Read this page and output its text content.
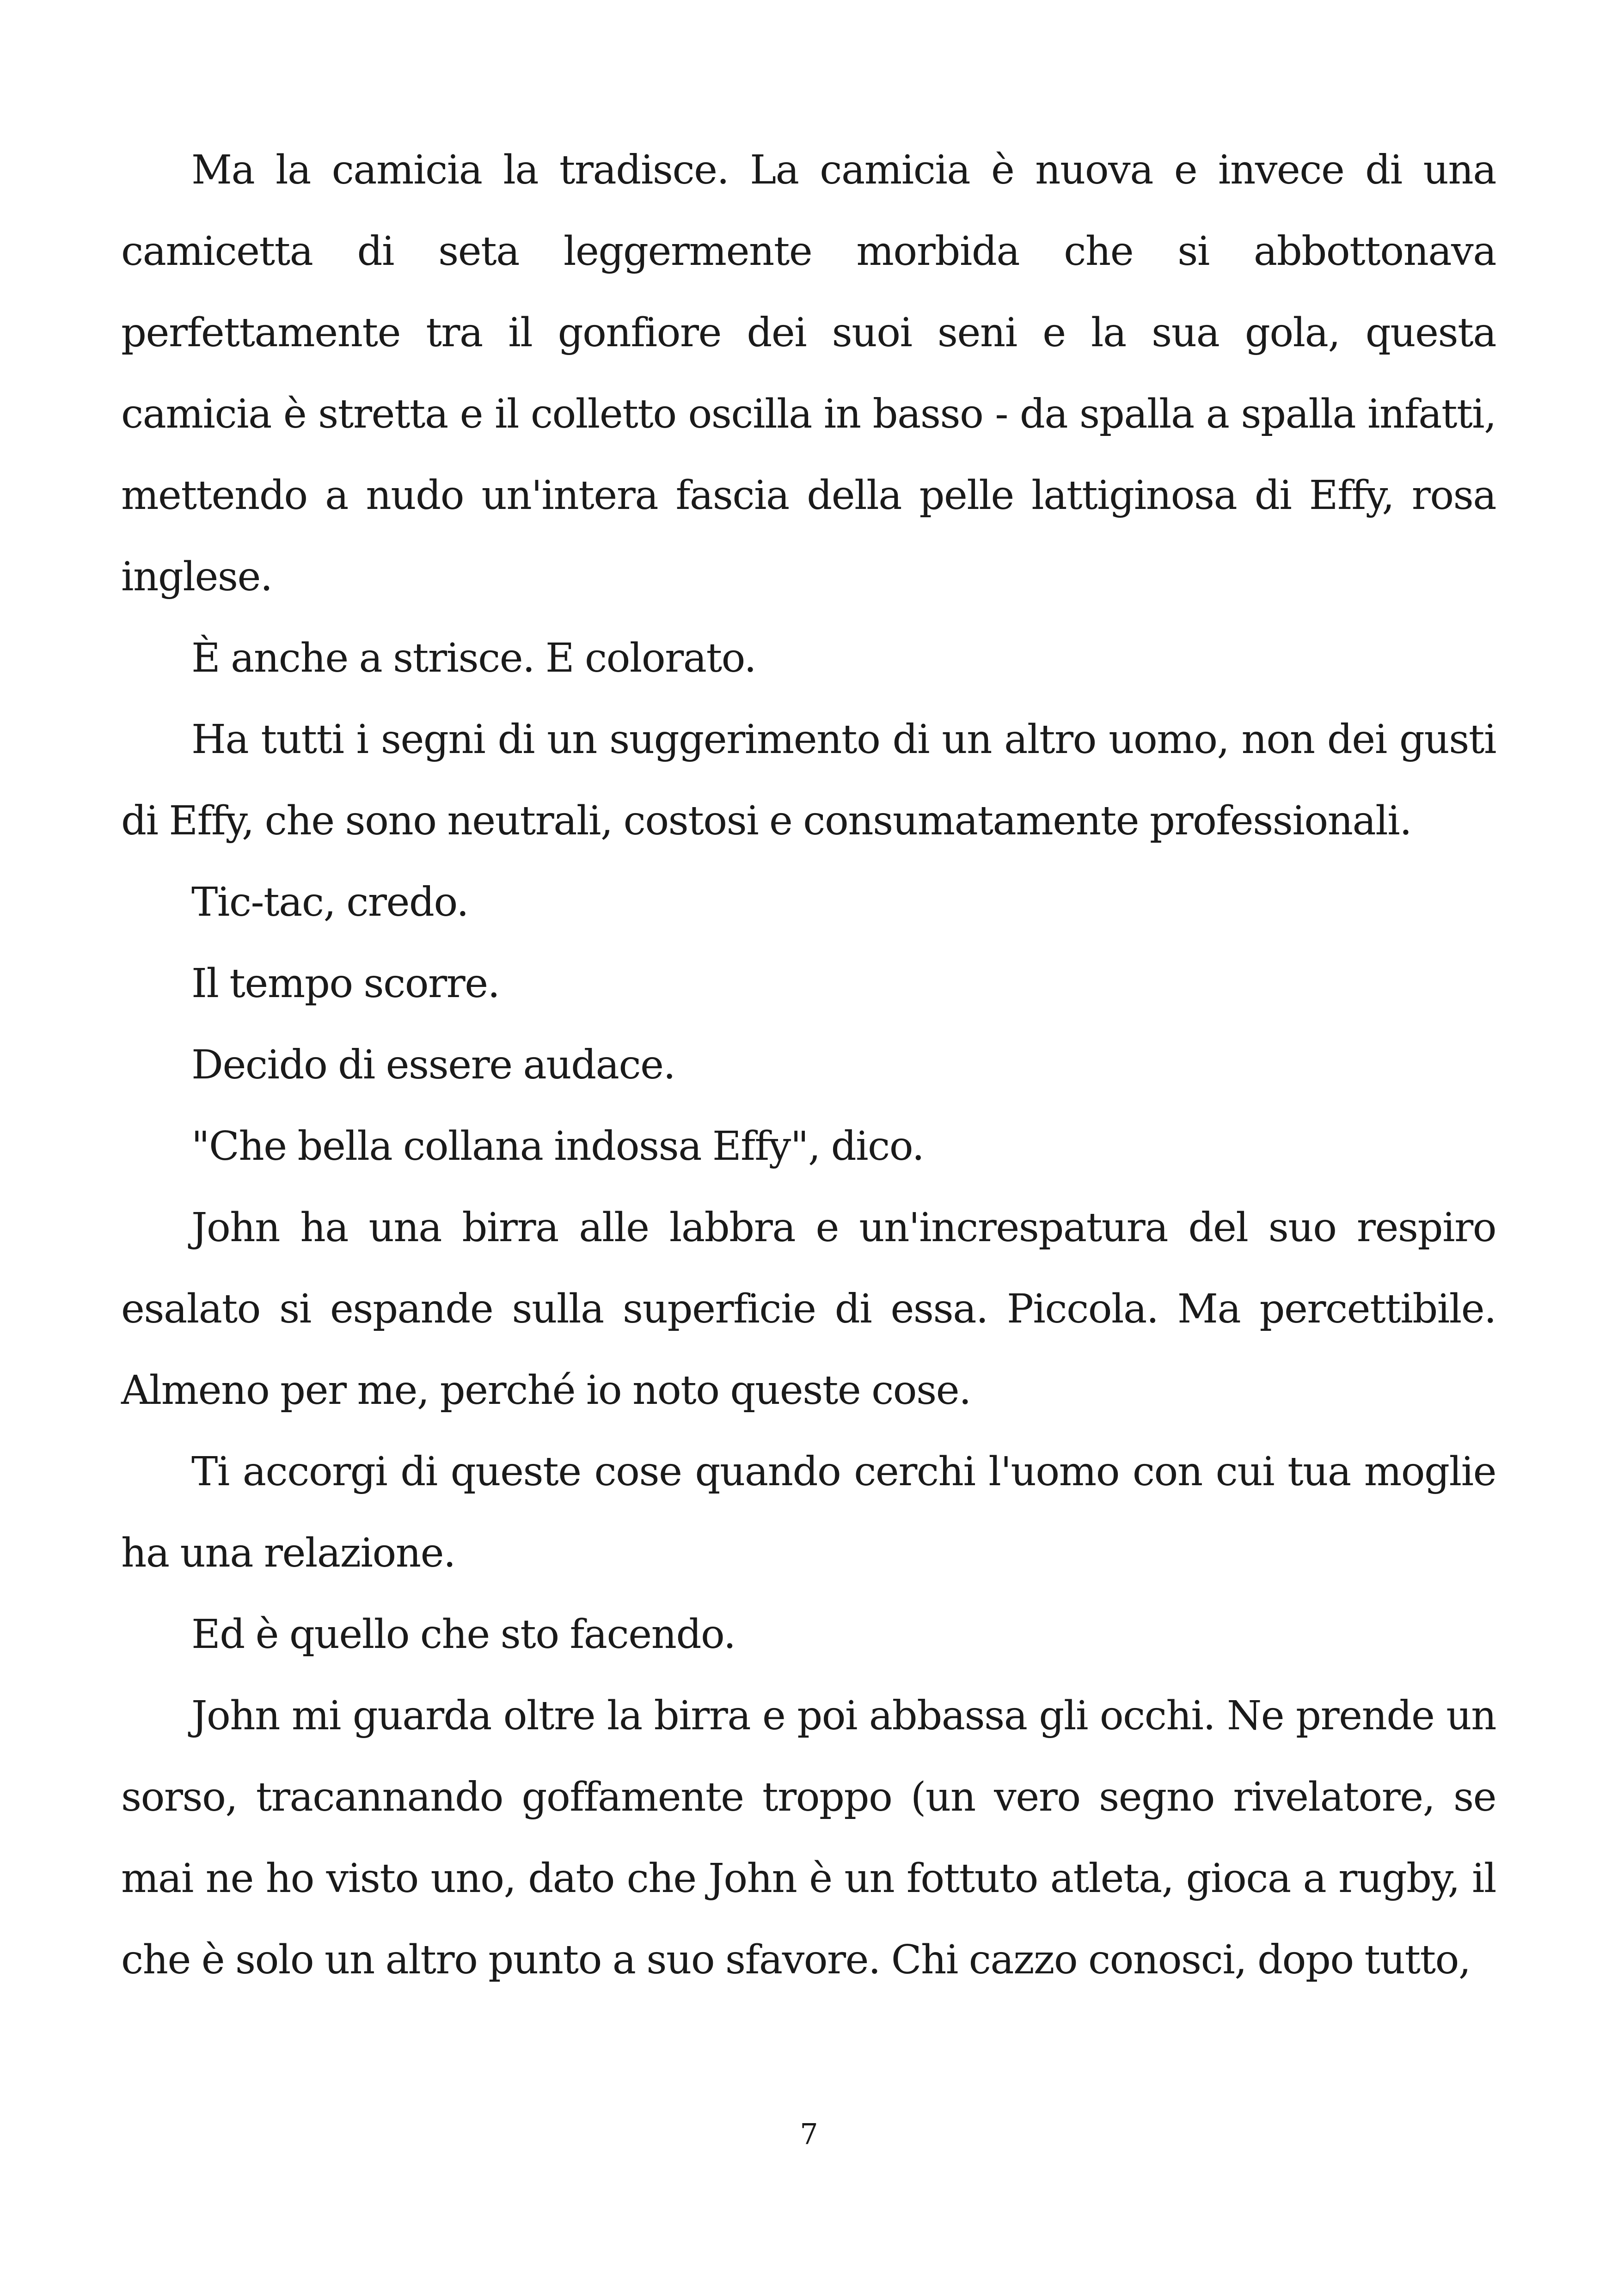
Ma la camicia la tradisce. La camicia è nuova e invece di una camicetta di seta leggermente morbida che si abbottonava perfettamente tra il gonfiore dei suoi seni e la sua gola, questa camicia è stretta e il colletto oscilla in basso - da spalla a spalla infatti, mettendo a nudo un'intera fascia della pelle lattiginosa di Effy, rosa inglese.

È anche a strisce. E colorato.

Ha tutti i segni di un suggerimento di un altro uomo, non dei gusti di Effy, che sono neutrali, costosi e consumatamente professionali.

Tic-tac, credo.

Il tempo scorre.

Decido di essere audace.

"Che bella collana indossa Effy", dico.

John ha una birra alle labbra e un'increspatura del suo respiro esalato si espande sulla superficie di essa. Piccola. Ma percettibile. Almeno per me, perché io noto queste cose.

Ti accorgi di queste cose quando cerchi l'uomo con cui tua moglie ha una relazione.

Ed è quello che sto facendo.

John mi guarda oltre la birra e poi abbassa gli occhi. Ne prende un sorso, tracannando goffamente troppo (un vero segno rivelatore, se mai ne ho visto uno, dato che John è un fottuto atleta, gioca a rugby, il che è solo un altro punto a suo sfavore. Chi cazzo conosci, dopo tutto,

7
